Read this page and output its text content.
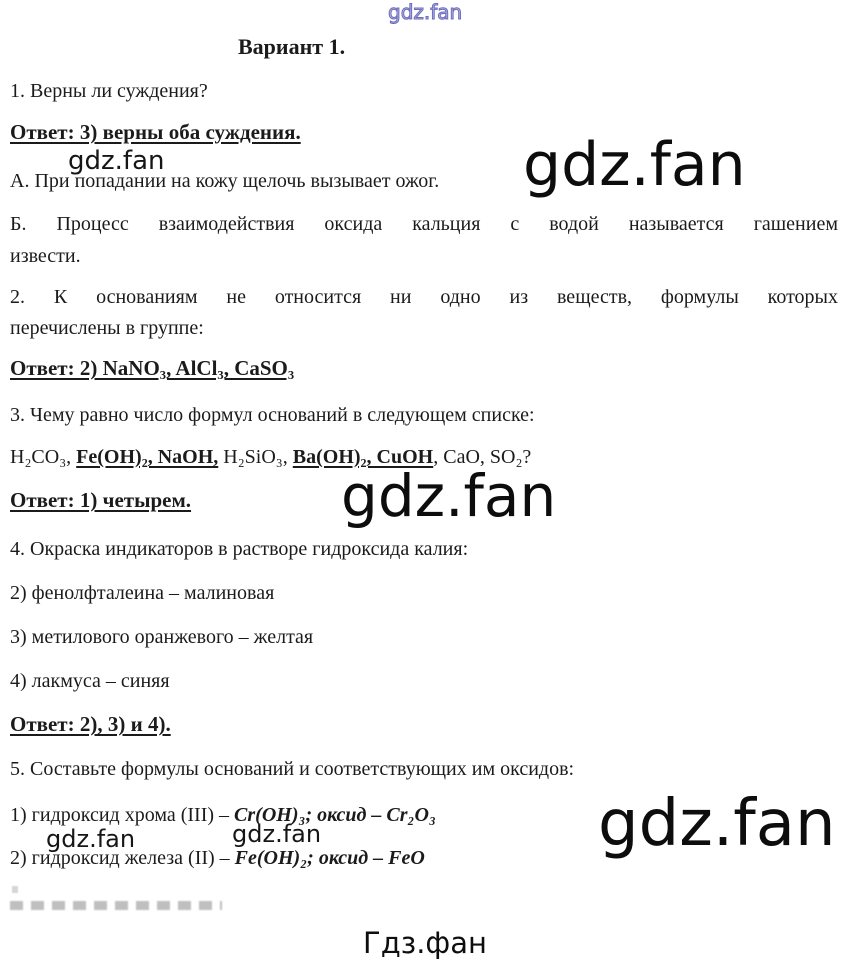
gdz.fan
Вариант 1.
1. Верны ли суждения?
Ответ: 3) верны оба суждения.
А. При попадании на кожу щелочь вызывает ожог.
Б. Процесс взаимодействия оксида кальция с водой называется гашением
извести.
2. К основаниям не относится ни одно из веществ, формулы которых
перечислены в группе:
Ответ: 2) NaNO₃, AlCl₃, CaSO₃
3. Чему равно число формул оснований в следующем списке:
H₂CO₃, Fe(OH)₂, NaOH, H₂SiO₃, Ba(OH)₂, CuOH, CaO, SO₂?
Ответ: 1) четырем.
4. Окраска индикаторов в растворе гидроксида калия:
2) фенолфталеина – малиновая
3) метилового оранжевого – желтая
4) лакмуса – синяя
Ответ: 2), 3) и 4).
5. Составьте формулы оснований и соответствующих им оксидов:
1) гидроксид хрома (III) – Cr(OH)₃; оксид – Cr₂O₃
2) гидроксид железа (II) – Fe(OH)₂; оксид – FeO
gdz.fan	gdz.fan
gdz.fan
gdz.fan	gdz.fan	gdz.fan
Гдз.фан
